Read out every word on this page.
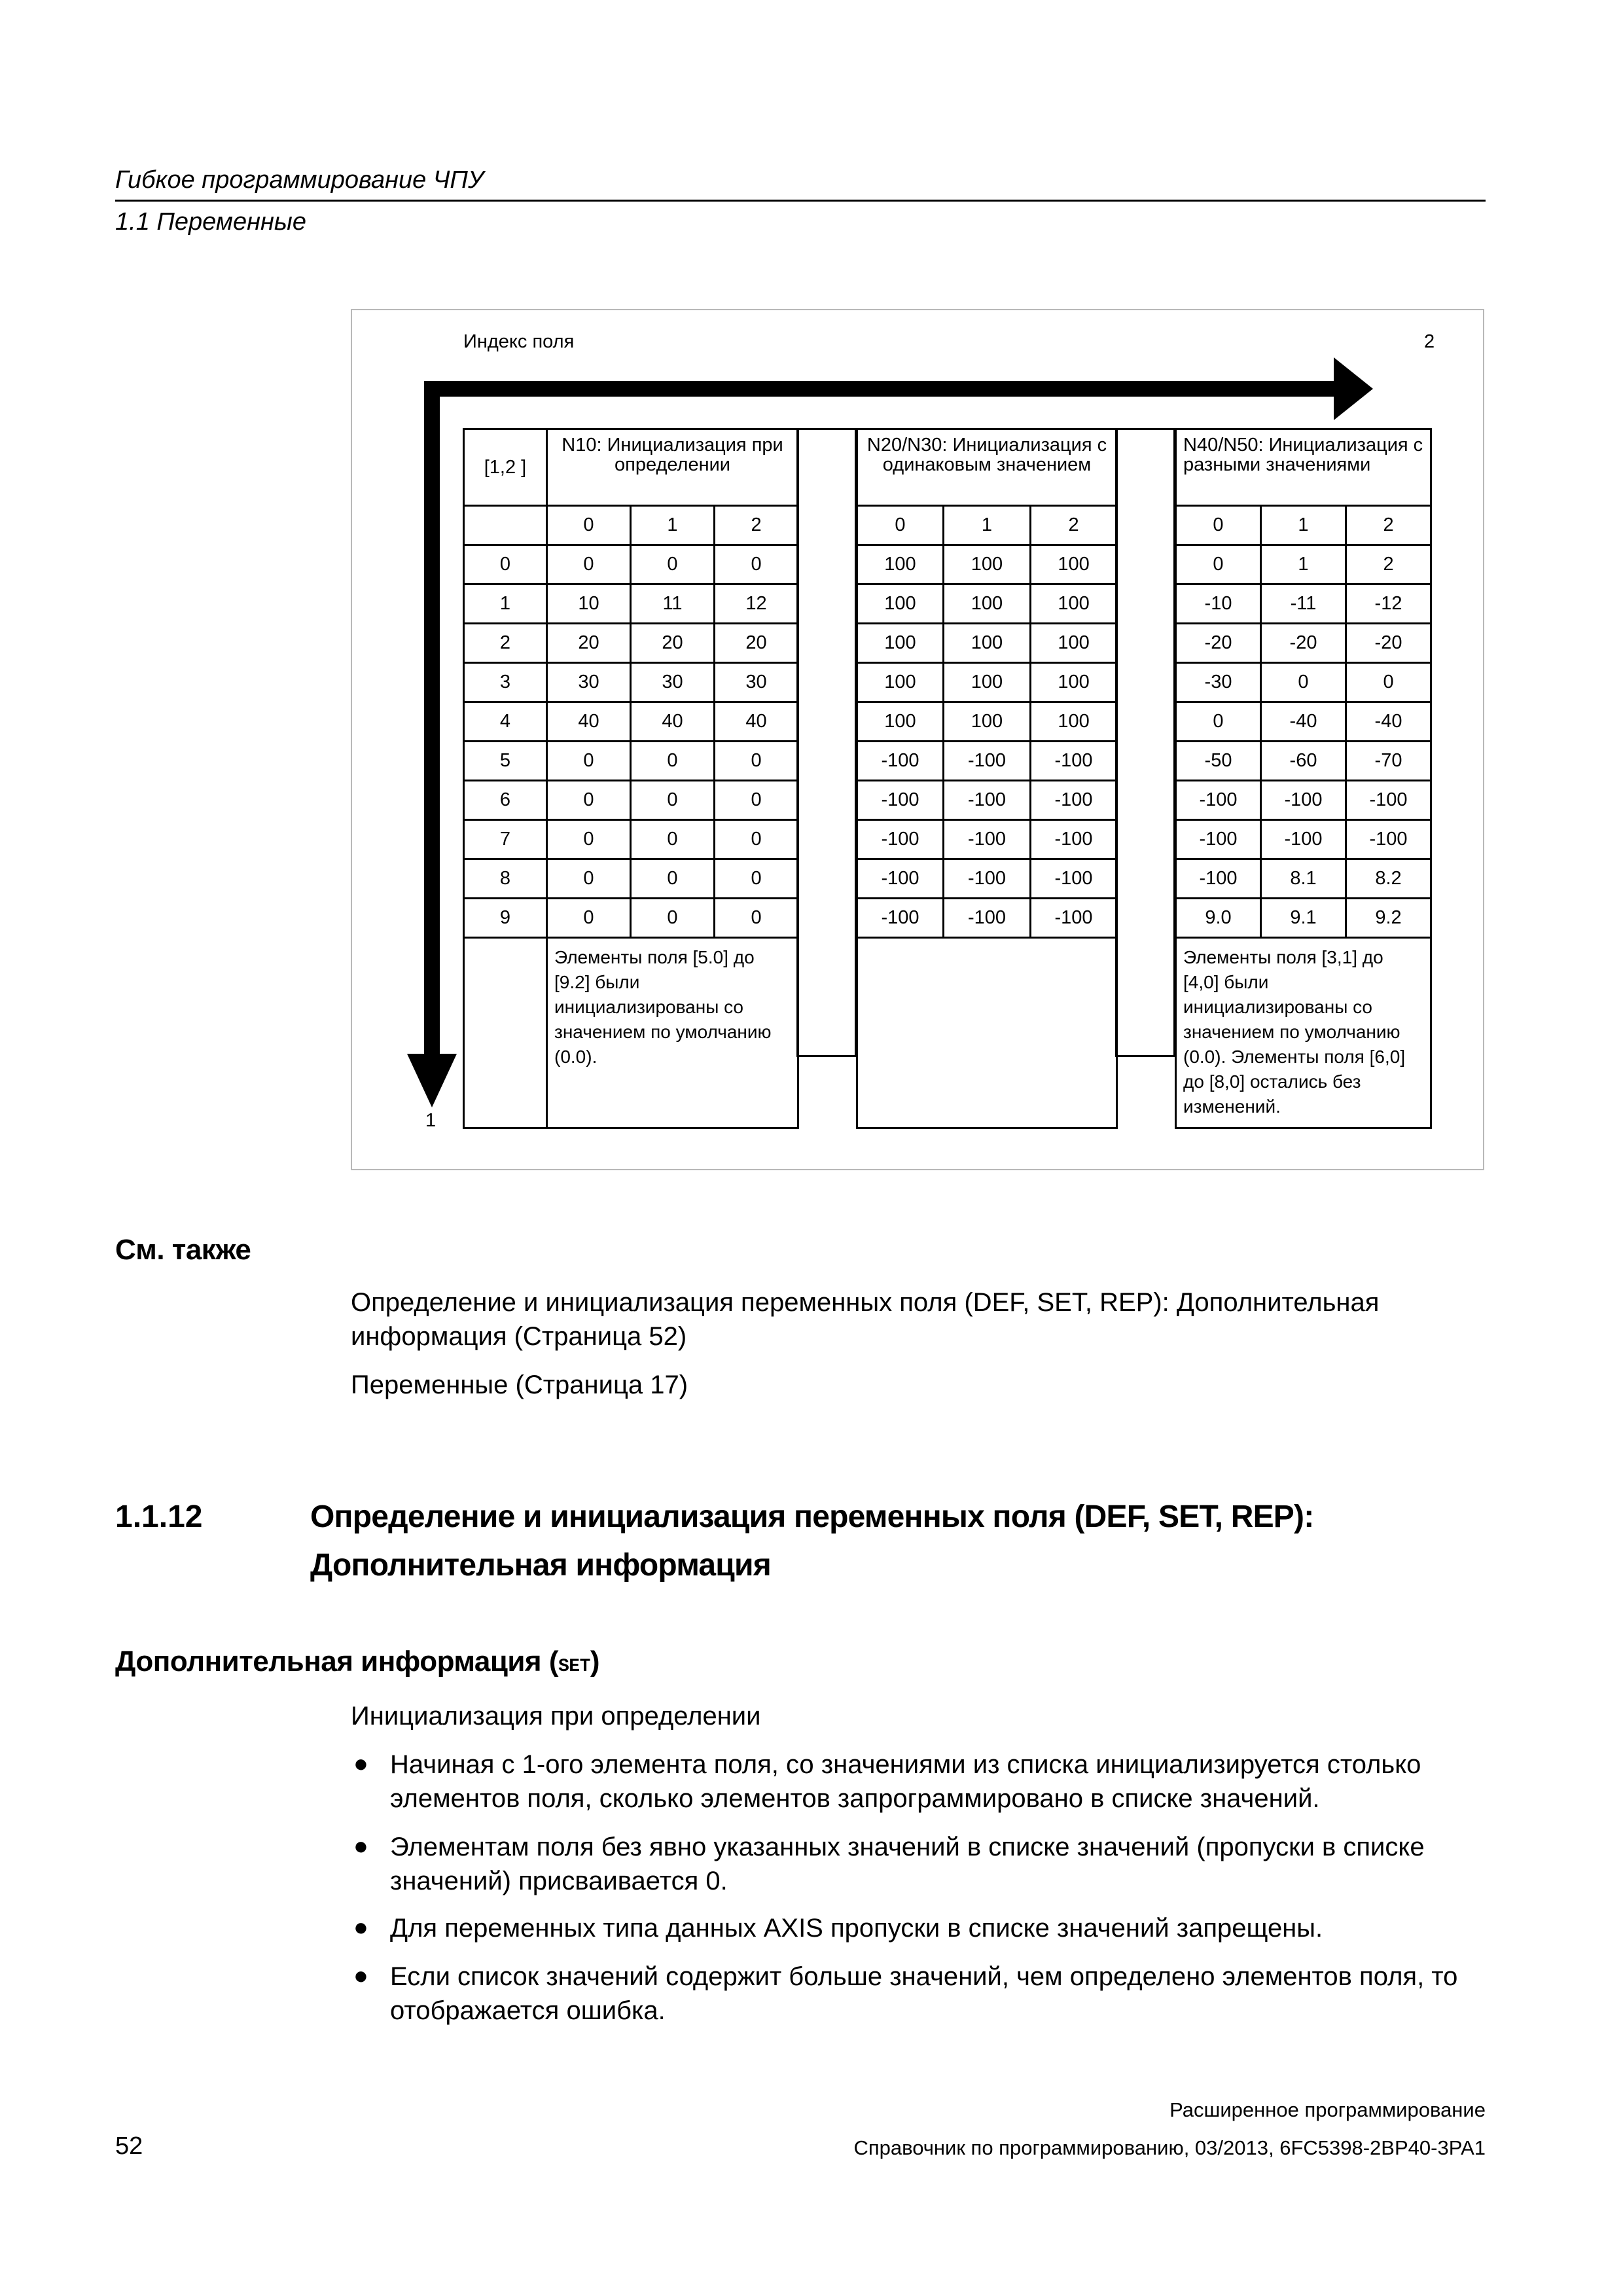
Гибкое программирование ЧПУ
1.1 Переменные
Индекс поля	2
1
[1,2 ]	N10: Инициализация при определении		
	0	1	2
0	0	0	0
1	10	11	12
2	20	20	20
3	30	30	30
4	40	40	40
5	0	0	0
6	0	0	0
7	0	0	0
8	0	0	0
9	0	0	0
	Элементы поля [5.0] до [9.2] были инициализированы со значением по умолчанию (0.0).		
N20/N30: Инициализация с одинаковым значением		
0	1	2
100	100	100
100	100	100
100	100	100
100	100	100
100	100	100
-100	-100	-100
-100	-100	-100
-100	-100	-100
-100	-100	-100
-100	-100	-100

N40/N50: Инициализация с разными значениями		
0	1	2
0	1	2
-10	-11	-12
-20	-20	-20
-30	0	0
0	-40	-40
-50	-60	-70
-100	-100	-100
-100	-100	-100
-100	8.1	8.2
9.0	9.1	9.2
Элементы поля [3,1] до [4,0] были инициализированы со значением по умолчанию (0.0). Элементы поля [6,0] до [8,0] остались без изменений.		
См. также
Определение и инициализация переменных поля (DEF, SET, REP): Дополнительная информация (Страница 52)
Переменные (Страница 17)
1.1.12	Определение и инициализация переменных поля (DEF, SET, REP):
Дополнительная информация
Дополнительная информация (SET)
Инициализация при определении
● Начиная с 1-ого элемента поля, со значениями из списка инициализируется столько элементов поля, сколько элементов запрограммировано в списке значений.
● Элементам поля без явно указанных значений в списке значений (пропуски в списке значений) присваивается 0.
● Для переменных типа данных AXIS пропуски в списке значений запрещены.
● Если список значений содержит больше значений, чем определено элементов поля, то отображается ошибка.
Расширенное программирование
52	Справочник по программированию, 03/2013, 6FC5398-2BP40-3PA1
